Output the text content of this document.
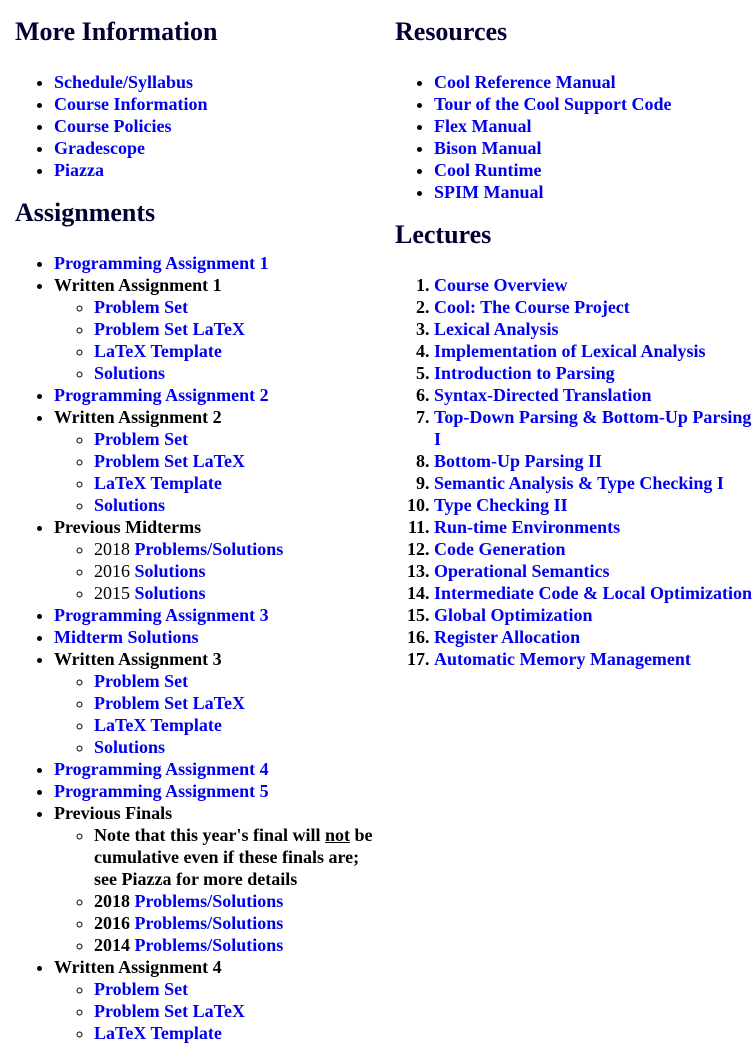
More Information
• Schedule/Syllabus
• Course Information
• Course Policies
• Gradescope
• Piazza
Assignments
• Programming Assignment 1
• Written Assignment 1
◦ Problem Set
◦ Problem Set LaTeX
◦ LaTeX Template
◦ Solutions
• Programming Assignment 2
• Written Assignment 2
◦ Problem Set
◦ Problem Set LaTeX
◦ LaTeX Template
◦ Solutions
• Previous Midterms
◦ 2018 Problems/Solutions
◦ 2016 Solutions
◦ 2015 Solutions
• Programming Assignment 3
• Midterm Solutions
• Written Assignment 3
◦ Problem Set
◦ Problem Set LaTeX
◦ LaTeX Template
◦ Solutions
• Programming Assignment 4
• Programming Assignment 5
• Previous Finals
◦ Note that this year's final will not be cumulative even if these finals are; see Piazza for more details
◦ 2018 Problems/Solutions
◦ 2016 Problems/Solutions
◦ 2014 Problems/Solutions
• Written Assignment 4
◦ Problem Set
◦ Problem Set LaTeX
◦ LaTeX Template
Resources
• Cool Reference Manual
• Tour of the Cool Support Code
• Flex Manual
• Bison Manual
• Cool Runtime
• SPIM Manual
Lectures
1. Course Overview
2. Cool: The Course Project
3. Lexical Analysis
4. Implementation of Lexical Analysis
5. Introduction to Parsing
6. Syntax-Directed Translation
7. Top-Down Parsing & Bottom-Up Parsing I
8. Bottom-Up Parsing II
9. Semantic Analysis & Type Checking I
10. Type Checking II
11. Run-time Environments
12. Code Generation
13. Operational Semantics
14. Intermediate Code & Local Optimization
15. Global Optimization
16. Register Allocation
17. Automatic Memory Management
